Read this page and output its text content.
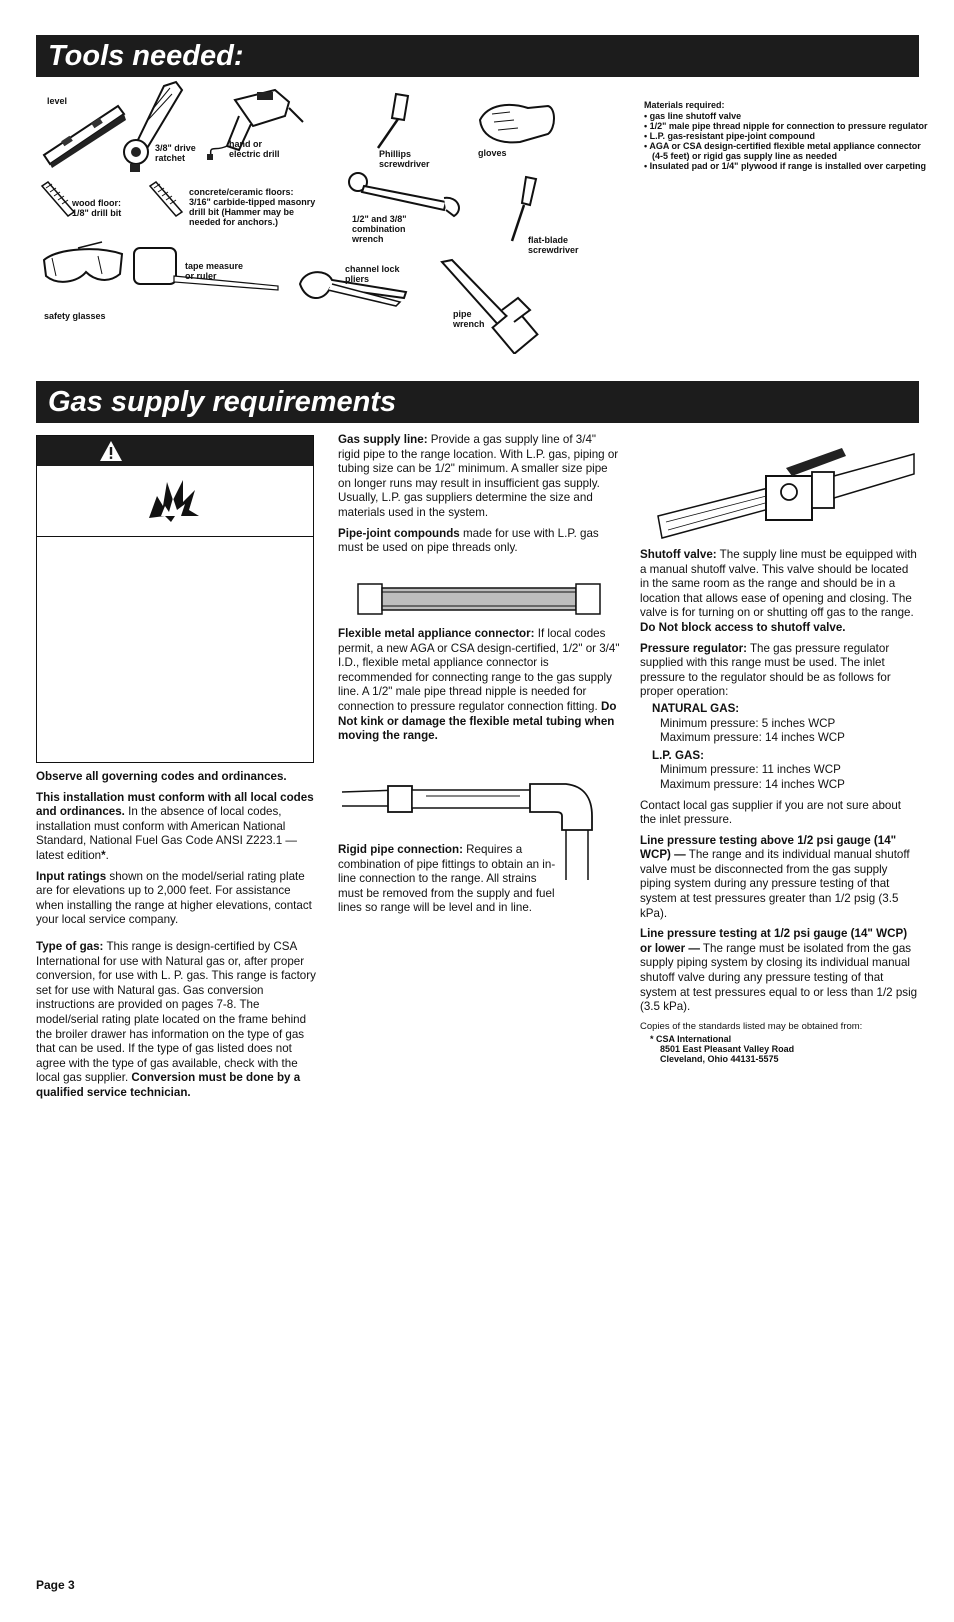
Tools needed:
level
3/8" drive
ratchet
hand or
electric drill	Phillips
screwdriver
gloves
wood floor:
1/8" drill bit
concrete/ceramic floors:
3/16" carbide-tipped masonry
drill bit (Hammer may be
needed for anchors.)	1/2" and 3/8"
combination
wrench	flat-blade
screwdriver
tape measure
or ruler
channel lock
pliers
safety glasses	pipe
wrench
Materials required:
• gas line shutoff valve
• 1/2" male pipe thread nipple for connection to pressure regulator
• L.P. gas-resistant pipe-joint compound
• AGA or CSA design-certified flexible metal appliance connector (4-5 feet) or rigid gas supply line as needed
• Insulated pad or 1/4" plywood if range is installed over carpeting
Gas supply requirements

Observe all governing codes and ordinances.

This installation must conform with all local codes and ordinances. In the absence of local codes, installation must conform with American National Standard, National Fuel Gas Code ANSI Z223.1 — latest edition*.

Input ratings shown on the model/serial rating plate are for elevations up to 2,000 feet. For assistance when installing the range at higher elevations, contact your local service company.

Type of gas: This range is design-certified by CSA International for use with Natural gas or, after proper conversion, for use with L. P. gas. This range is factory set for use with Natural gas. Gas conversion instructions are provided on pages 7-8. The model/serial rating plate located on the frame behind the broiler drawer has information on the type of gas that can be used. If the type of gas listed does not agree with the type of gas available, check with the local gas supplier. Conversion must be done by a qualified service technician.

Gas supply line: Provide a gas supply line of 3/4" rigid pipe to the range location. With L.P. gas, piping or tubing size can be 1/2" minimum. A smaller size pipe on longer runs may result in insufficient gas supply. Usually, L.P. gas suppliers determine the size and materials used in the system.

Pipe-joint compounds made for use with L.P. gas must be used on pipe threads only.

Flexible metal appliance connector: If local codes permit, a new AGA or CSA design-certified, 1/2" or 3/4" I.D., flexible metal appliance connector is recommended for connecting range to the gas supply line. A 1/2" male pipe thread nipple is needed for connection to pressure regulator connection fitting. Do Not kink or damage the flexible metal tubing when moving the range.

Rigid pipe connection: Requires a combination of pipe fittings to obtain an in-line connection to the range. All strains must be removed from the supply and fuel lines so range will be level and in line.

Shutoff valve: The supply line must be equipped with a manual shutoff valve. This valve should be located in the same room as the range and should be in a location that allows ease of opening and closing. The valve is for turning on or shutting off gas to the range. Do Not block access to shutoff valve.

Pressure regulator: The gas pressure regulator supplied with this range must be used. The inlet pressure to the regulator should be as follows for proper operation:

NATURAL GAS:
Minimum pressure: 5 inches WCP
Maximum pressure: 14 inches WCP
L.P. GAS:
Minimum pressure: 11 inches WCP
Maximum pressure: 14 inches WCP

Contact local gas supplier if you are not sure about the inlet pressure.

Line pressure testing above 1/2 psi gauge (14" WCP) — The range and its individual manual shutoff valve must be disconnected from the gas supply piping system during any pressure testing of that system at test pressures greater than 1/2 psig (3.5 kPa).

Line pressure testing at 1/2 psi gauge (14" WCP) or lower — The range must be isolated from the gas supply piping system by closing its individual manual shutoff valve during any pressure testing of that system at test pressures equal to or less than 1/2 psig (3.5 kPa).

Copies of the standards listed may be obtained from:
* CSA International
8501 East Pleasant Valley Road
Cleveland, Ohio 44131-5575
Page 3
